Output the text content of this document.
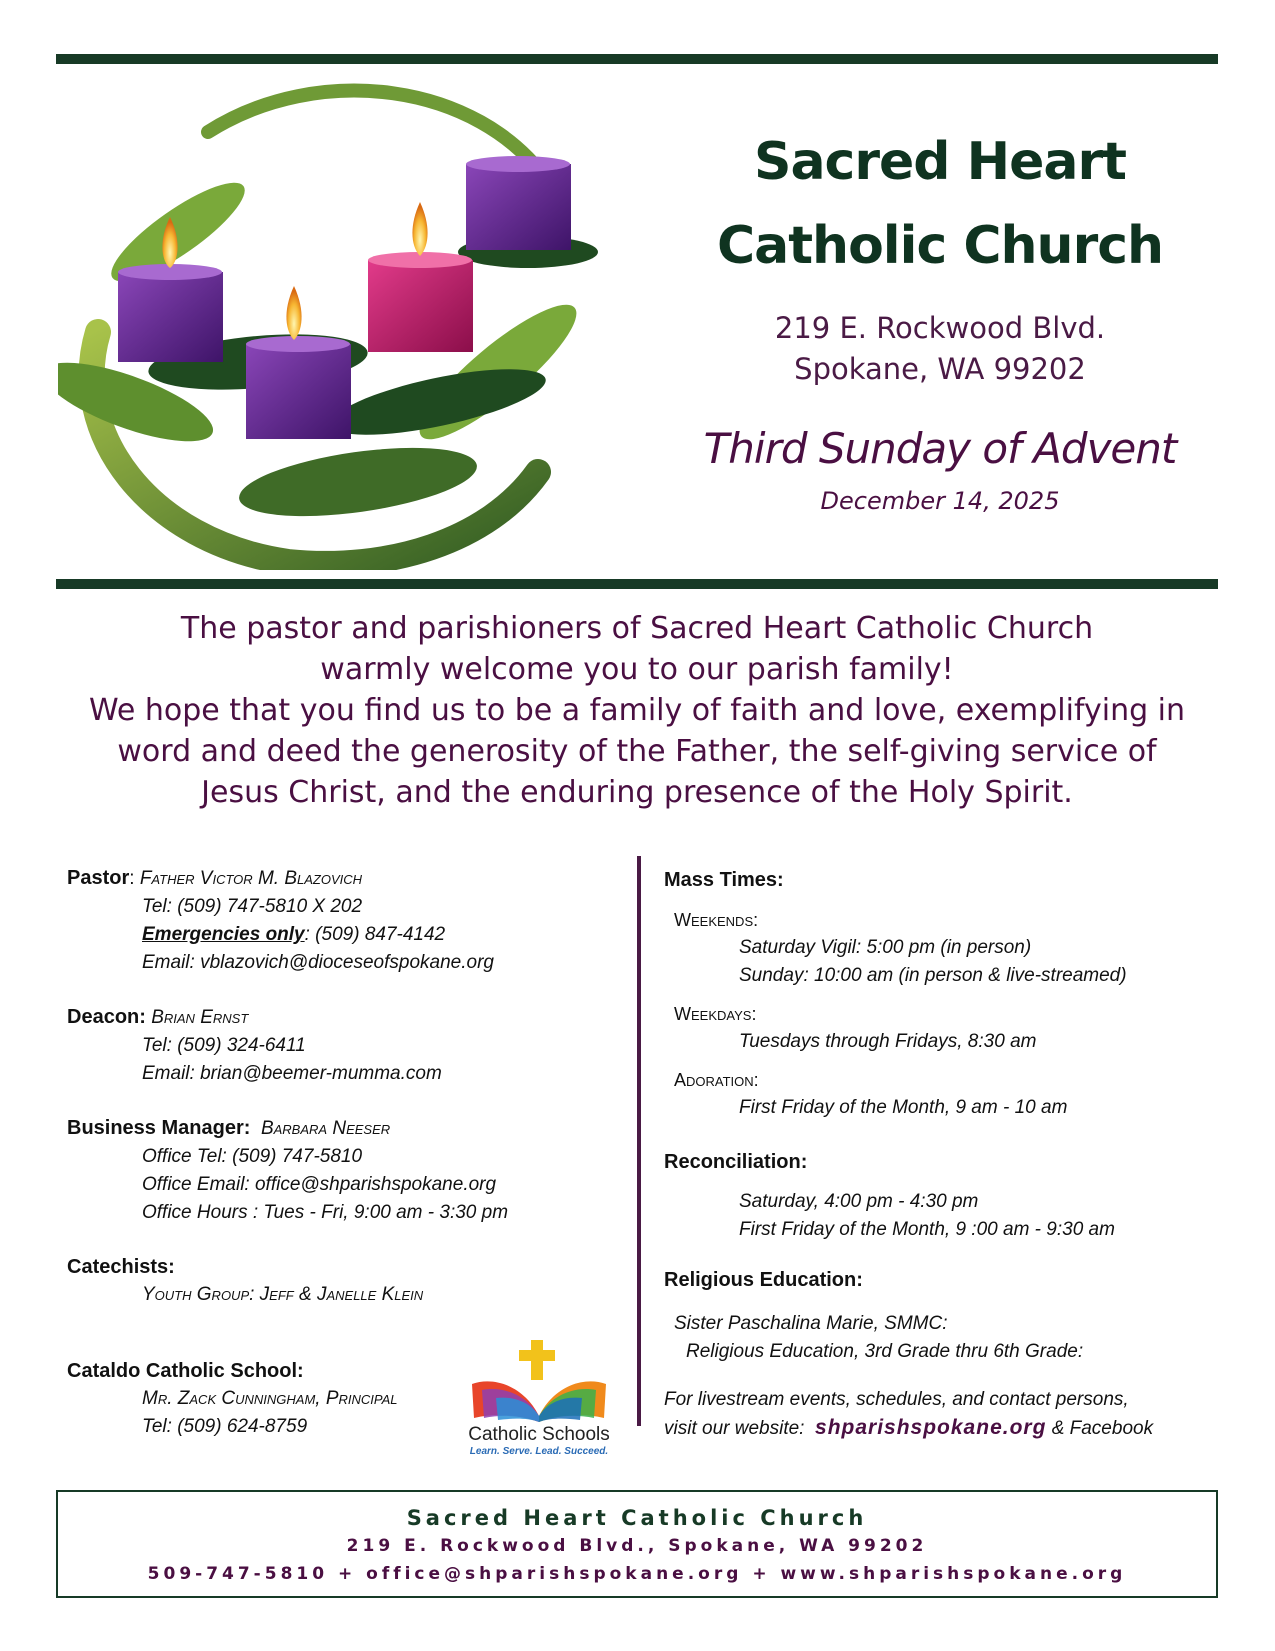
Sacred Heart
Catholic Church
219 E. Rockwood Blvd.
Spokane, WA 99202
Third Sunday of Advent
December 14, 2025
The pastor and parishioners of Sacred Heart Catholic Church
warmly welcome you to our parish family!
We hope that you find us to be a family of faith and love, exemplifying in
word and deed the generosity of the Father, the self-giving service of
Jesus Christ, and the enduring presence of the Holy Spirit.
Pastor: Father Victor M. Blazovich
Tel: (509) 747-5810 X 202
Emergencies only: (509) 847-4142
Email: vblazovich@dioceseofspokane.org
Deacon: Brian Ernst
Tel: (509) 324-6411
Email: brian@beemer-mumma.com
Business Manager: Barbara Neeser
Office Tel: (509) 747-5810
Office Email: office@shparishspokane.org
Office Hours : Tues - Fri, 9:00 am - 3:30 pm
Catechists:
Youth Group: Jeff & Janelle Klein
Cataldo Catholic School:
Mr. Zack Cunningham, Principal
Tel: (509) 624-8759	Catholic Schools
Learn. Serve. Lead. Succeed.
Mass Times:
Weekends:
Saturday Vigil: 5:00 pm (in person)
Sunday: 10:00 am (in person & live-streamed)
Weekdays:
Tuesdays through Fridays, 8:30 am
Adoration:
First Friday of the Month, 9 am - 10 am
Reconciliation:
Saturday, 4:00 pm - 4:30 pm
First Friday of the Month, 9 :00 am - 9:30 am
Religious Education:
Sister Paschalina Marie, SMMC:
Religious Education, 3rd Grade thru 6th Grade:
For livestream events, schedules, and contact persons,
visit our website: shparishspokane.org & Facebook
Sacred Heart Catholic Church
219 E. Rockwood Blvd., Spokane, WA 99202
509-747-5810 + office@shparishspokane.org + www.shparishspokane.org
